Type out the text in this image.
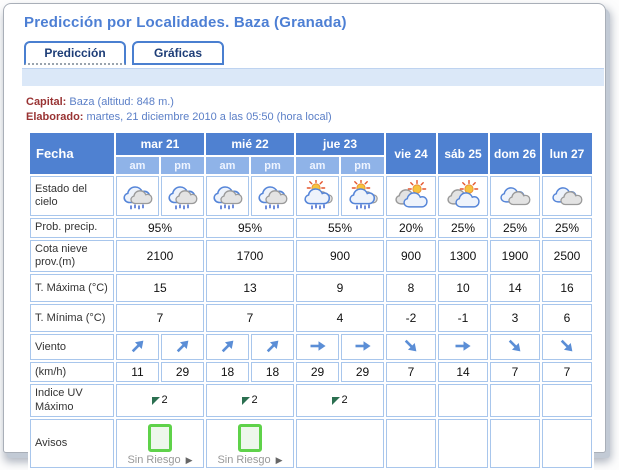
Predicción por Localidades. Baza (Granada)
Predicción	Gráficas
Capital: Baza (altitud: 848 m.)
Elaborado: martes, 21 diciembre 2010 a las 05:50 (hora local)
Fecha	mar 21		mié 22		jue 23		vie 24	sáb 25	dom 26	lun 27
	am	pm	am	pm	am	pm				
Estado del cielo										
Prob. precip.	95%		95%		55%		20%	25%	25%	25%
Cota nieve prov.(m)	2100		1700		900		900	1300	1900	2500
T. Máxima (°C)	15		13		9		8	10	14	16
T. Mínima (°C)	7		7		4		-2	-1	3	6
Viento										
(km/h)	11	29	18	18	29	29	7	14	7	7
Indice UV Máximo	2		2		2					

Avisos	Sin Riesgo ▶		Sin Riesgo ▶							
